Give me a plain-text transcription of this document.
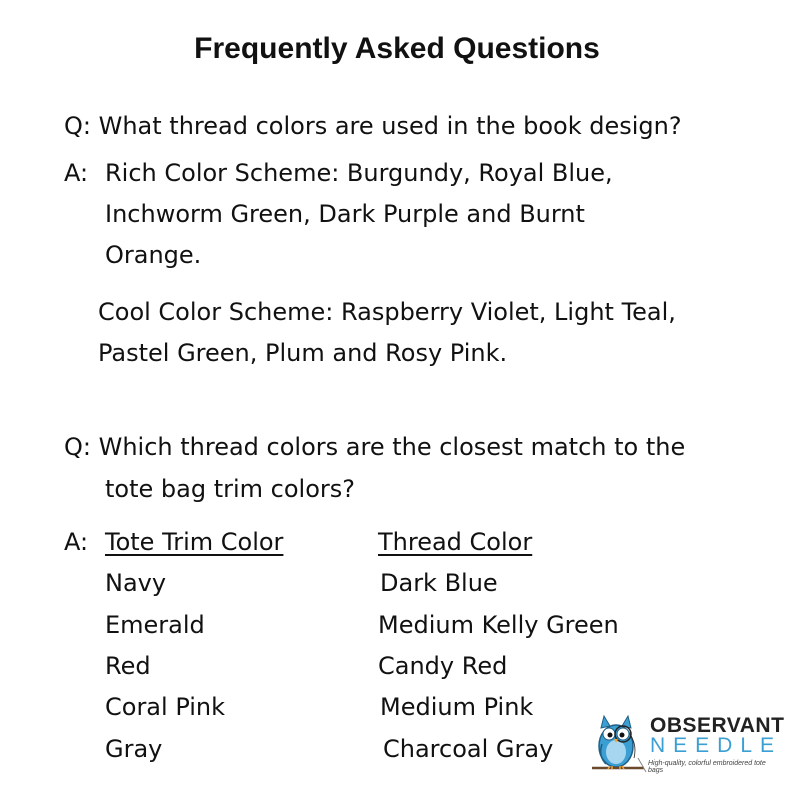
Frequently Asked Questions
Q: What thread colors are used in the book design?
A: Rich Color Scheme: Burgundy, Royal Blue,
Inchworm Green, Dark Purple and Burnt
Orange.
Cool Color Scheme: Raspberry Violet, Light Teal,
Pastel Green, Plum and Rosy Pink.
Q: Which thread colors are the closest match to the
tote bag trim colors?
A: Tote Trim Color	Thread Color
Navy	Dark Blue
Emerald	Medium Kelly Green
Red	Candy Red
Coral Pink	Medium Pink
Gray	Charcoal Gray
OBSERVANT
NEEDLE
High-quality, colorful embroidered tote bags
